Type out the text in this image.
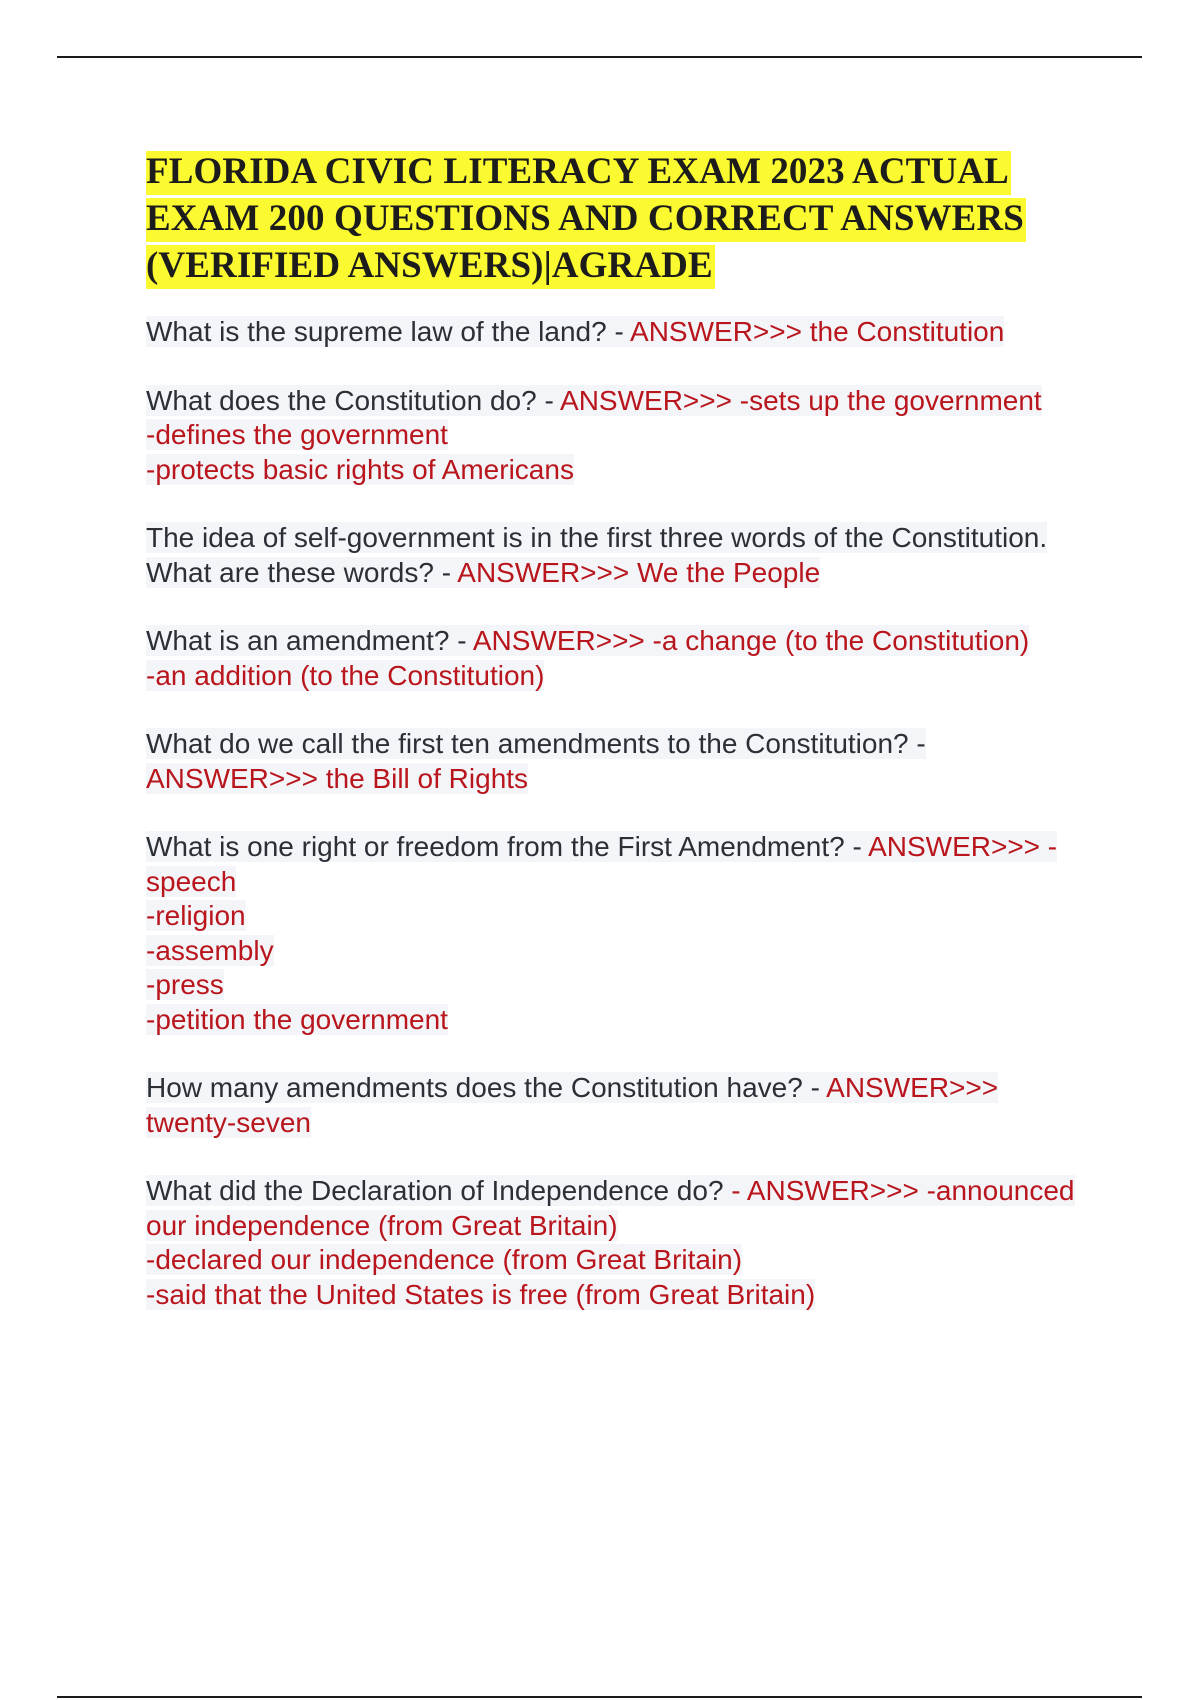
FLORIDA CIVIC LITERACY EXAM 2023 ACTUAL EXAM 200 QUESTIONS AND CORRECT ANSWERS (VERIFIED ANSWERS)|AGRADE

What is the supreme law of the land? - ANSWER>>> the Constitution

What does the Constitution do? - ANSWER>>> -sets up the government
-defines the government
-protects basic rights of Americans

The idea of self-government is in the first three words of the Constitution. What are these words? - ANSWER>>> We the People

What is an amendment? - ANSWER>>> -a change (to the Constitution)
-an addition (to the Constitution)

What do we call the first ten amendments to the Constitution? - ANSWER>>> the Bill of Rights

What is one right or freedom from the First Amendment? - ANSWER>>> -speech
-religion
-assembly
-press
-petition the government

How many amendments does the Constitution have? - ANSWER>>> twenty-seven

What did the Declaration of Independence do? - ANSWER>>> -announced our independence (from Great Britain)
-declared our independence (from Great Britain)
-said that the United States is free (from Great Britain)
